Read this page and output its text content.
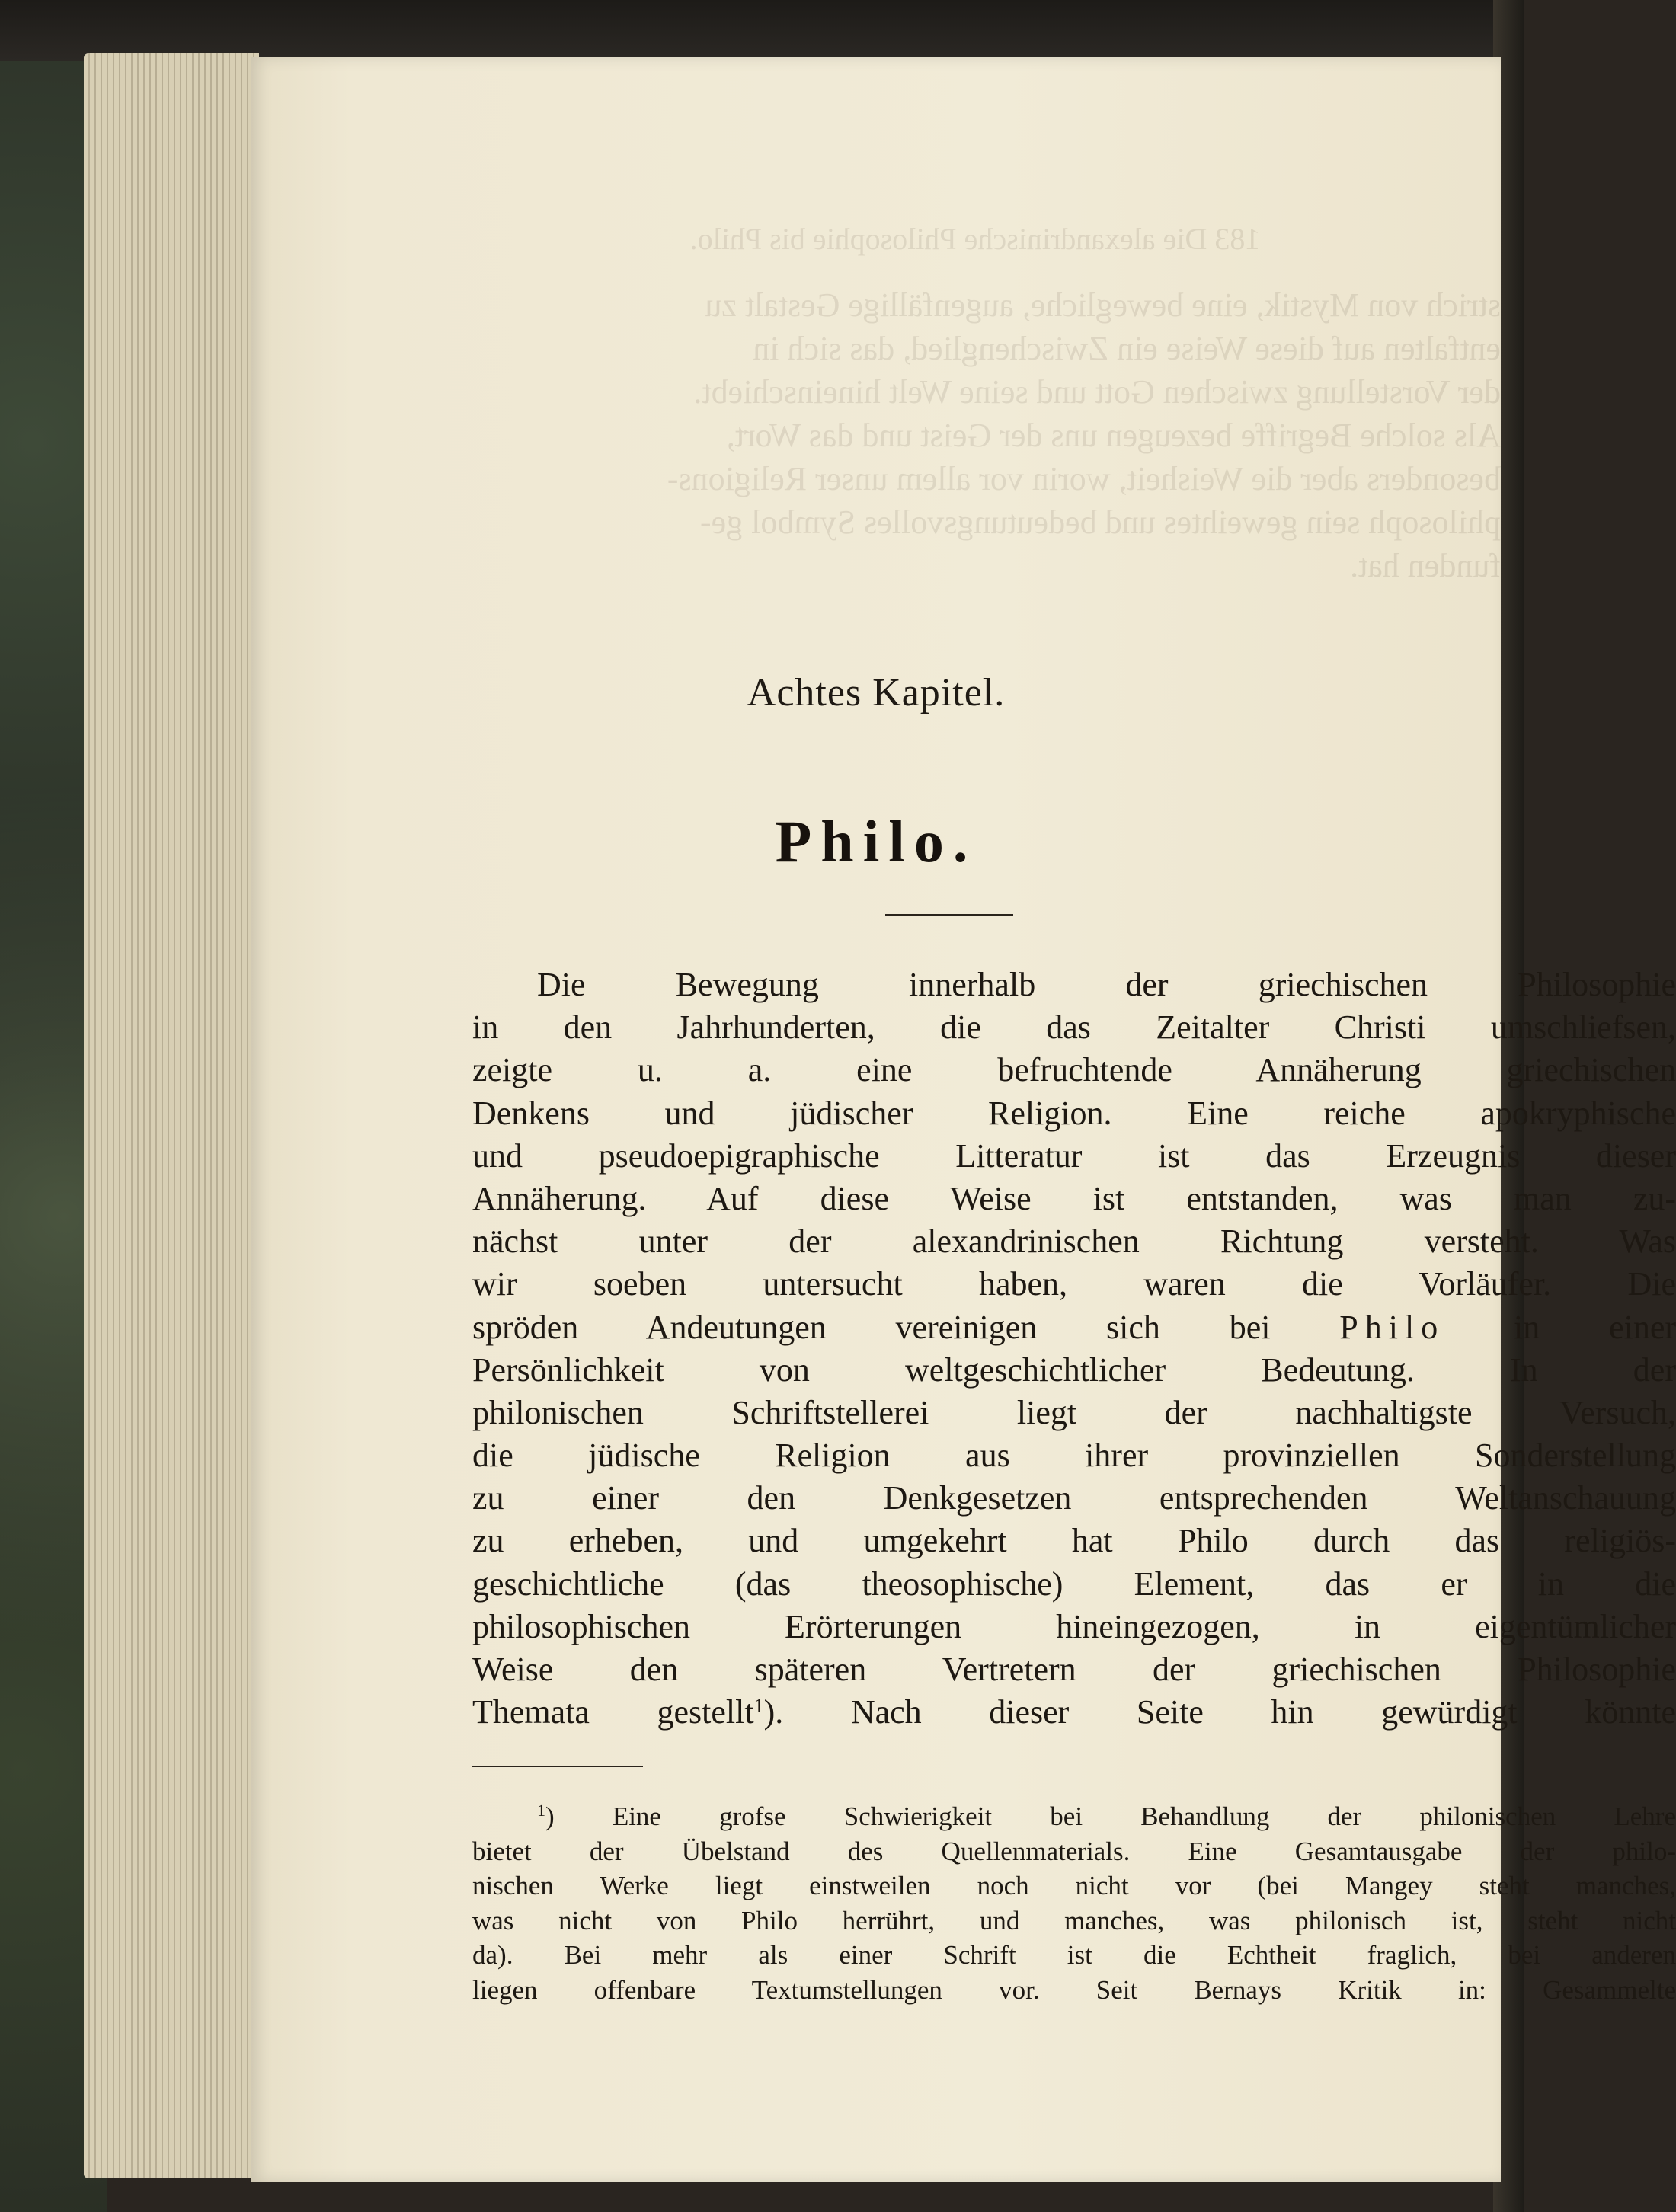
183 Die alexandrinische Philosophie bis Philo.
strich von Mystik, eine bewegliche, augenfällige Gestalt zu
entfalten auf diese Weise ein Zwischenglied, das sich in
der Vorstellung zwischen Gott und seine Welt hineinschiebt.
Als solche Begriffe bezeugen uns der Geist und das Wort,
besonders aber die Weisheit, worin vor allem unser Religions-
philosoph sein geweihtes und bedeutungsvolles Symbol ge-
funden hat.
Achtes Kapitel.
Philo.
Die Bewegung innerhalb der griechischen Philosophie
in den Jahrhunderten, die das Zeitalter Christi umschliefsen,
zeigte u. a. eine befruchtende Annäherung griechischen
Denkens und jüdischer Religion. Eine reiche apokryphische
und pseudoepigraphische Litteratur ist das Erzeugnis dieser
Annäherung. Auf diese Weise ist entstanden, was man zu-
nächst unter der alexandrinischen Richtung versteht. Was
wir soeben untersucht haben, waren die Vorläufer. Die
spröden Andeutungen vereinigen sich bei Philo in einer
Persönlichkeit von weltgeschichtlicher Bedeutung. In der
philonischen Schriftstellerei liegt der nachhaltigste Versuch,
die jüdische Religion aus ihrer provinziellen Sonderstellung
zu einer den Denkgesetzen entsprechenden Weltanschauung
zu erheben, und umgekehrt hat Philo durch das religiös-
geschichtliche (das theosophische) Element, das er in die
philosophischen Erörterungen hineingezogen, in eigentümlicher
Weise den späteren Vertretern der griechischen Philosophie
Themata gestellt$^1$). Nach dieser Seite hin gewürdigt könnte
$^1$) Eine grofse Schwierigkeit bei Behandlung der philonischen Lehre
bietet der Übelstand des Quellenmaterials. Eine Gesamtausgabe der philo-
nischen Werke liegt einstweilen noch nicht vor (bei Mangey steht manches,
was nicht von Philo herrührt, und manches, was philonisch ist, steht nicht
da). Bei mehr als einer Schrift ist die Echtheit fraglich, bei anderen
liegen offenbare Textumstellungen vor. Seit Bernays Kritik in: Gesammelte
